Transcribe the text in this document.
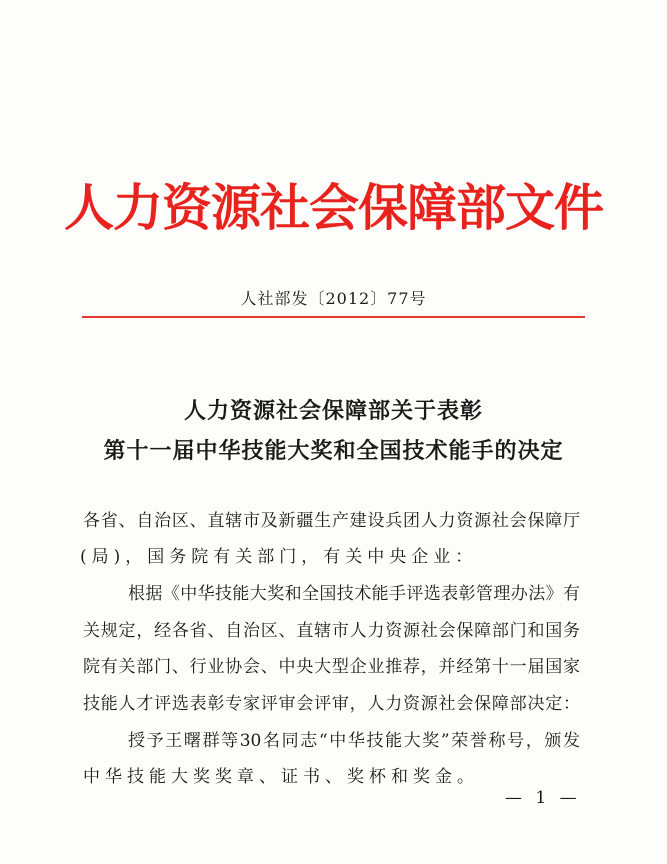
人力资源社会保障部文件
人社部发〔2012〕77号
人力资源社会保障部关于表彰
第十一届中华技能大奖和全国技术能手的决定
各省、自治区、直辖市及新疆生产建设兵团人力资源社会保障厅
(局)，国务院有关部门，有关中央企业：
根据《中华技能大奖和全国技术能手评选表彰管理办法》有
关规定，经各省、自治区、直辖市人力资源社会保障部门和国务
院有关部门、行业协会、中央大型企业推荐，并经第十一届国家
技能人才评选表彰专家评审会评审，人力资源社会保障部决定：
授予王曙群等30名同志“中华技能大奖”荣誉称号，颁发
中华技能大奖奖章、证书、奖杯和奖金。
— 1 —
